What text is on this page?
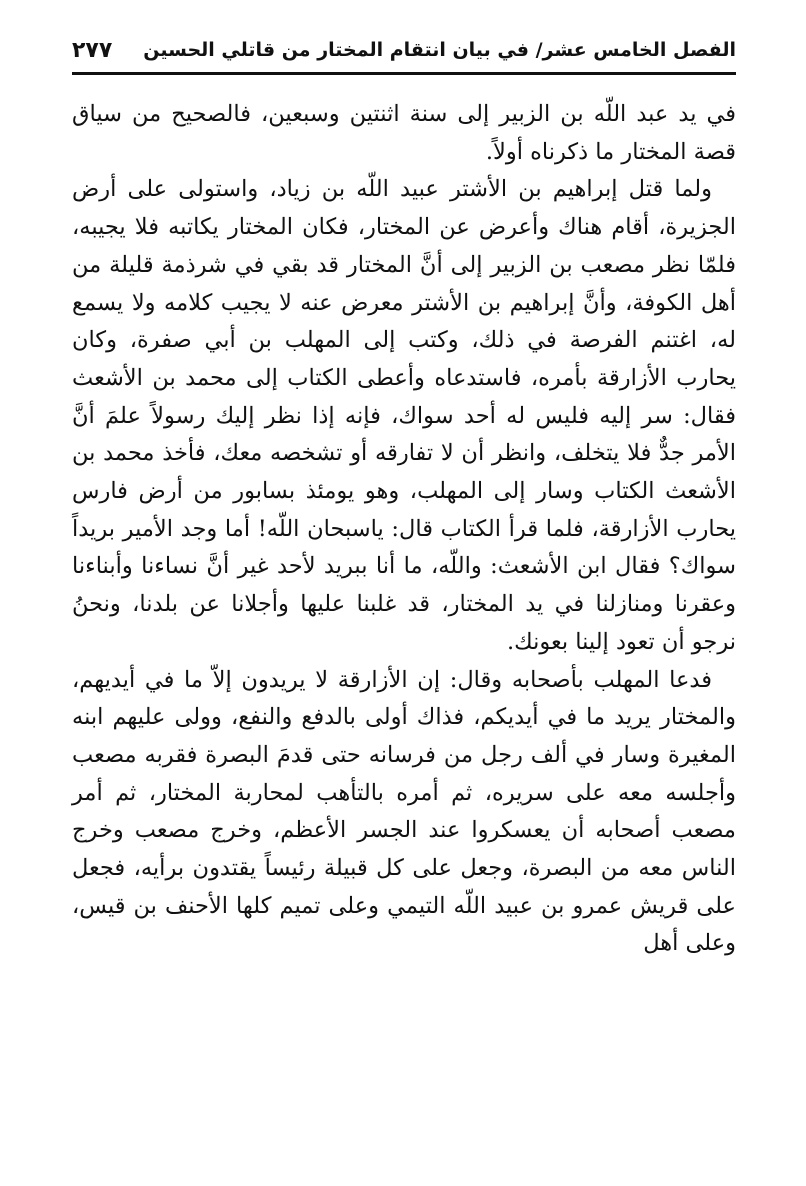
الفصل الخامس عشر/ في بيان انتقام المختار من قاتلي الحسين
٢٧٧

في يد عبد اللّه بن الزبير إلى سنة اثنتين وسبعين، فالصحيح من سياق قصة المختار ما ذكرناه أولاً.

ولما قتل إبراهيم بن الأشتر عبيد اللّه بن زياد، واستولى على أرض الجزيرة، أقام هناك وأعرض عن المختار، فكان المختار يكاتبه فلا يجيبه، فلمّا نظر مصعب بن الزبير إلى أنَّ المختار قد بقي في شرذمة قليلة من أهل الكوفة، وأنَّ إبراهيم بن الأشتر معرض عنه لا يجيب كلامه ولا يسمع له، اغتنم الفرصة في ذلك، وكتب إلى المهلب بن أبي صفرة، وكان يحارب الأزارقة بأمره، فاستدعاه وأعطى الكتاب إلى محمد بن الأشعث فقال: سر إليه فليس له أحد سواك، فإنه إذا نظر إليك رسولاً علمَ أنَّ الأمر جدٌّ فلا يتخلف، وانظر أن لا تفارقه أو تشخصه معك، فأخذ محمد بن الأشعث الكتاب وسار إلى المهلب، وهو يومئذ بسابور من أرض فارس يحارب الأزارقة، فلما قرأ الكتاب قال: ياسبحان اللّه! أما وجد الأمير بريداً سواك؟ فقال ابن الأشعث: واللّه، ما أنا ببريد لأحد غير أنَّ نساءنا وأبناءنا وعقرنا ومنازلنا في يد المختار، قد غلبنا عليها وأجلانا عن بلدنا، ونحنُ نرجو أن تعود إلينا بعونك.

فدعا المهلب بأصحابه وقال: إن الأزارقة لا يريدون إلاّ ما في أيديهم، والمختار يريد ما في أيديكم، فذاك أولى بالدفع والنفع، وولى عليهم ابنه المغيرة وسار في ألف رجل من فرسانه حتى قدمَ البصرة فقربه مصعب وأجلسه معه على سريره، ثم أمره بالتأهب لمحاربة المختار، ثم أمر مصعب أصحابه أن يعسكروا عند الجسر الأعظم، وخرج مصعب وخرج الناس معه من البصرة، وجعل على كل قبيلة رئيساً يقتدون برأيه، فجعل على قريش عمرو بن عبيد اللّه التيمي وعلى تميم كلها الأحنف بن قيس، وعلى أهل
